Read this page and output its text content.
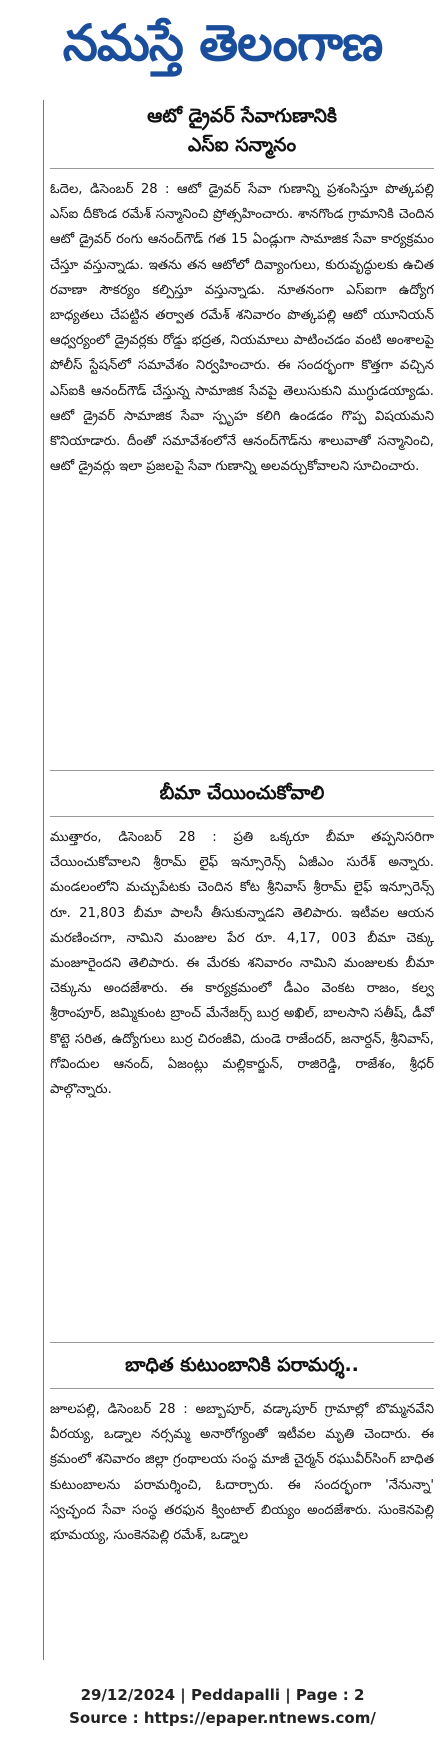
నమస్తే తెలంగాణ
ఆటో డ్రైవర్ సేవాగుణానికి
ఎస్ఐ సన్మానం

ఓదెల, డిసెంబర్ 28 : ఆటో డ్రైవర్ సేవా గుణాన్ని ప్రశంసిస్తూ పొత్కపల్లి ఎస్ఐ దీకొండ రమేశ్ సన్మానించి ప్రోత్సహించారు. శానగొండ గ్రామానికి చెందిన ఆటో డ్రైవర్ రంగు ఆనంద్‌గౌడ్ గత 15 ఏండ్లుగా సామాజిక సేవా కార్యక్రమం చేస్తూ వస్తున్నాడు. ఇతను తన ఆటోలో దివ్యాంగులు, కురువృద్ధులకు ఉచిత రవాణా సౌకర్యం కల్పిస్తూ వస్తున్నాడు. నూతనంగా ఎస్ఐగా ఉద్యోగ బాధ్యతలు చేపట్టిన తర్వాత రమేశ్ శనివారం పొత్కపల్లి ఆటో యూనియన్ ఆధ్వర్యంలో డ్రైవర్లకు రోడ్డు భద్రత, నియమాలు పాటించడం వంటి అంశాలపై పోలీస్ స్టేషన్‌లో సమావేశం నిర్వహించారు. ఈ సందర్భంగా కొత్తగా వచ్చిన ఎస్ఐకి ఆనంద్‌గౌడ్ చేస్తున్న సామాజిక సేవపై తెలుసుకుని ముగ్ధుడయ్యాడు. ఆటో డ్రైవర్ సామాజిక సేవా స్పృహ కలిగి ఉండడం గొప్ప విషయమని కొనియాడారు. దీంతో సమావేశంలోనే ఆనంద్‌గౌడ్‌ను శాలువాతో సన్మానించి, ఆటో డ్రైవర్లు ఇలా ప్రజలపై సేవా గుణాన్ని అలవర్చుకోవాలని సూచించారు.

బీమా చేయించుకోవాలి

ముత్తారం, డిసెంబర్ 28 : ప్రతి ఒక్కరూ బీమా తప్పనిసరిగా చేయించుకోవాలని శ్రీరామ్ లైఫ్ ఇన్సూరెన్స్ ఏజీఎం సురేశ్ అన్నారు. మండలంలోని మచ్చుపేటకు చెందిన కోట శ్రీనివాస్ శ్రీరామ్ లైఫ్ ఇన్సూరెన్స్ రూ. 21,803 బీమా పాలసీ తీసుకున్నాడని తెలిపారు. ఇటీవల ఆయన మరణించగా, నామిని మంజుల పేర రూ. 4,17, 003 బీమా చెక్కు మంజూరైందని తెలిపారు. ఈ మేరకు శనివారం నామిని మంజులకు బీమా చెక్కును అందజేశారు. ఈ కార్యక్రమంలో డీఎం వెంకట రాజం, కల్వ శ్రీరాంపూర్, జమ్మికుంట బ్రాంచ్ మేనేజర్స్ బుర్ర అఖిల్, బాలసాని సతీష్, డీవో కొట్టె సరిత, ఉద్యోగులు బుర్ర చిరంజీవి, దుండె రాజేందర్, జనార్దన్, శ్రీనివాస్, గోవిందుల ఆనంద్, ఏజంట్లు మల్లికార్జున్, రాజిరెడ్డి, రాజేశం, శ్రీధర్ పాల్గొన్నారు.

బాధిత కుటుంబానికి పరామర్శ..

జూలపల్లి, డిసెంబర్ 28 : అబ్బాపూర్, వడ్కాపూర్ గ్రామాల్లో బొమ్మనవేని వీరయ్య, ఒడ్నాల నర్సమ్మ అనారోగ్యంతో ఇటీవల మృతి చెందారు. ఈ క్రమంలో శనివారం జిల్లా గ్రంథాలయ సంస్థ మాజీ చైర్మన్ రఘువీర్‌సింగ్ బాధిత కుటుంబాలను పరామర్శించి, ఓదార్చారు. ఈ సందర్భంగా 'నేనున్నా' స్వచ్ఛంద సేవా సంస్థ తరఫున క్వింటాల్ బియ్యం అందజేశారు. సుంకెనపెల్లి భూమయ్య, సుంకెనపెల్లి రమేశ్, ఒడ్నాల

29/12/2024 | Peddapalli | Page : 2
Source : https://epaper.ntnews.com/
